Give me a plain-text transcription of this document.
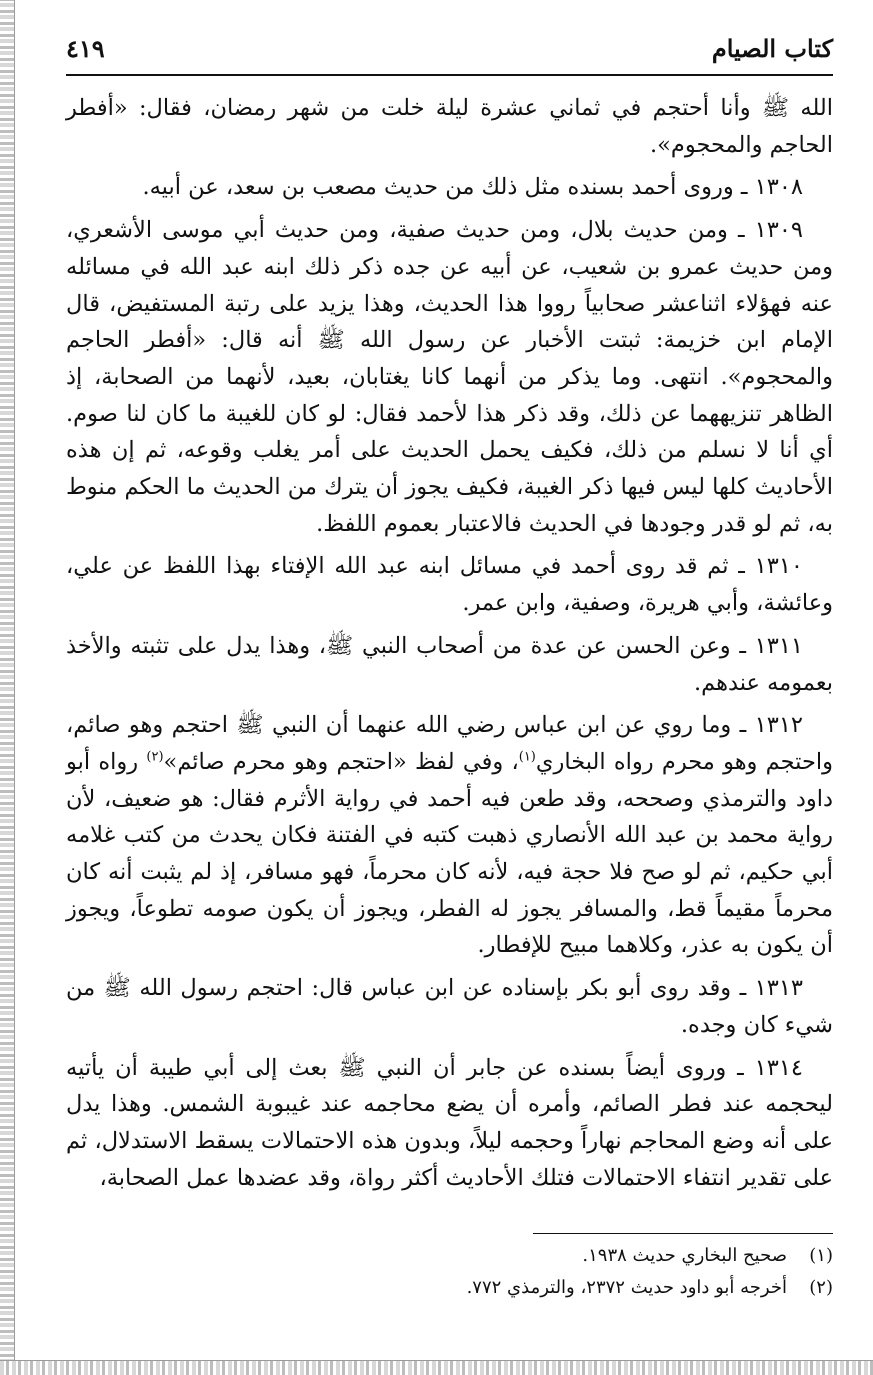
كتاب الصيام
٤١٩

الله ﷺ وأنا أحتجم في ثماني عشرة ليلة خلت من شهر رمضان، فقال: «أفطر الحاجم والمحجوم».

١٣٠٨ ـ وروى أحمد بسنده مثل ذلك من حديث مصعب بن سعد، عن أبيه.

١٣٠٩ ـ ومن حديث بلال، ومن حديث صفية، ومن حديث أبي موسى الأشعري، ومن حديث عمرو بن شعيب، عن أبيه عن جده ذكر ذلك ابنه عبد الله في مسائله عنه فهؤلاء اثناعشر صحابياً رووا هذا الحديث، وهذا يزيد على رتبة المستفيض، قال الإمام ابن خزيمة: ثبتت الأخبار عن رسول الله ﷺ أنه قال: «أفطر الحاجم والمحجوم». انتهى. وما يذكر من أنهما كانا يغتابان، بعيد، لأنهما من الصحابة، إذ الظاهر تنزيههما عن ذلك، وقد ذكر هذا لأحمد فقال: لو كان للغيبة ما كان لنا صوم. أي أنا لا نسلم من ذلك، فكيف يحمل الحديث على أمر يغلب وقوعه، ثم إن هذه الأحاديث كلها ليس فيها ذكر الغيبة، فكيف يجوز أن يترك من الحديث ما الحكم منوط به، ثم لو قدر وجودها في الحديث فالاعتبار بعموم اللفظ.

١٣١٠ ـ ثم قد روى أحمد في مسائل ابنه عبد الله الإفتاء بهذا اللفظ عن علي، وعائشة، وأبي هريرة، وصفية، وابن عمر.

١٣١١ ـ وعن الحسن عن عدة من أصحاب النبي ﷺ، وهذا يدل على تثبته والأخذ بعمومه عندهم.

١٣١٢ ـ وما روي عن ابن عباس رضي الله عنهما أن النبي ﷺ احتجم وهو صائم، واحتجم وهو محرم رواه البخاري$^{(١)}$، وفي لفظ «احتجم وهو محرم صائم»$^{(٢)}$ رواه أبو داود والترمذي وصححه، وقد طعن فيه أحمد في رواية الأثرم فقال: هو ضعيف، لأن رواية محمد بن عبد الله الأنصاري ذهبت كتبه في الفتنة فكان يحدث من كتب غلامه أبي حكيم، ثم لو صح فلا حجة فيه، لأنه كان محرماً، فهو مسافر، إذ لم يثبت أنه كان محرماً مقيماً قط، والمسافر يجوز له الفطر، ويجوز أن يكون صومه تطوعاً، ويجوز أن يكون به عذر، وكلاهما مبيح للإفطار.

١٣١٣ ـ وقد روى أبو بكر بإسناده عن ابن عباس قال: احتجم رسول الله ﷺ من شيء كان وجده.

١٣١٤ ـ وروى أيضاً بسنده عن جابر أن النبي ﷺ بعث إلى أبي طيبة أن يأتيه ليحجمه عند فطر الصائم، وأمره أن يضع محاجمه عند غيبوبة الشمس. وهذا يدل على أنه وضع المحاجم نهاراً وحجمه ليلاً، وبدون هذه الاحتمالات يسقط الاستدلال، ثم على تقدير انتفاء الاحتمالات فتلك الأحاديث أكثر رواة، وقد عضدها عمل الصحابة،

(١)
صحيح البخاري حديث ١٩٣٨.
(٢)
أخرجه أبو داود حديث ٢٣٧٢، والترمذي ٧٧٢.
